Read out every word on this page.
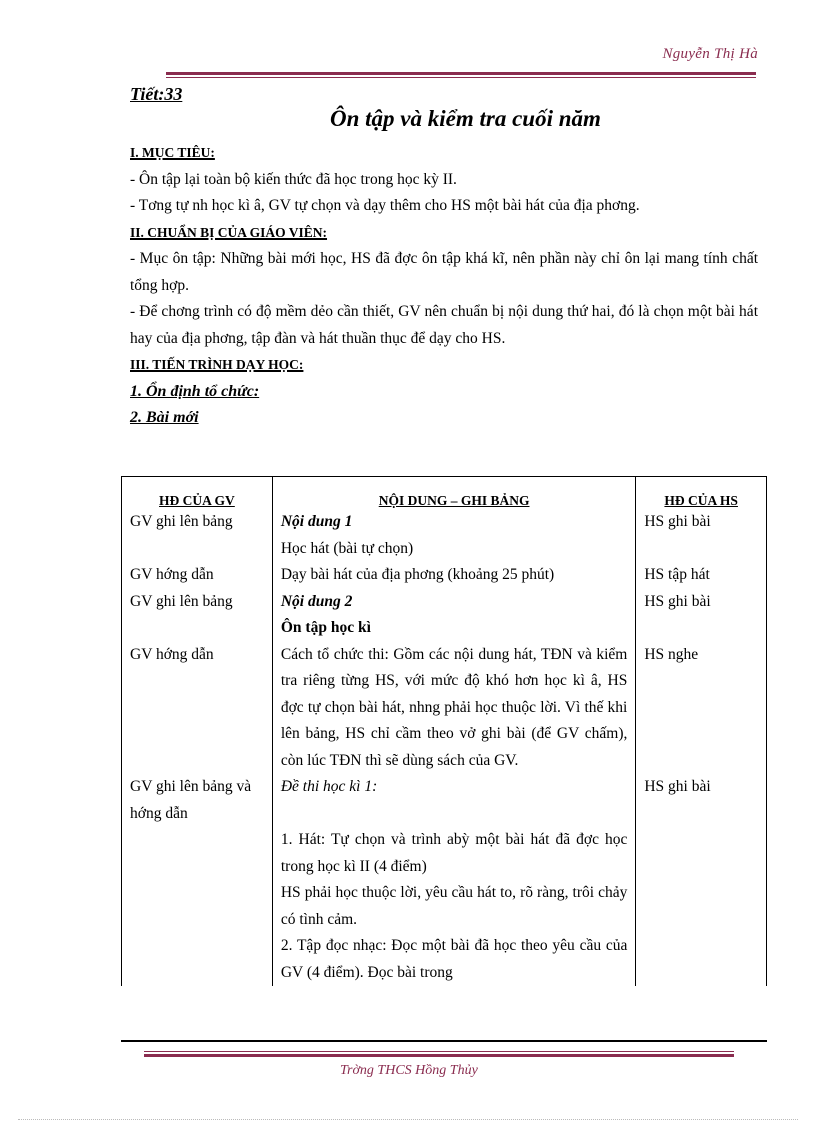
Nguyễn Thị Hà
Tiết:33
Ôn tập và kiểm tra cuối năm
I. MỤC TIÊU:
- Ôn tập lại toàn bộ kiến thức đã học trong học kỳ II.
- Tơng tự nh học kì â, GV tự chọn và dạy thêm cho HS một bài hát của địa phơng.
II. CHUẨN BỊ CỦA GIÁO VIÊN:
- Mục ôn tập: Những bài mới học, HS đã đợc ôn tập khá kĩ, nên phần này chỉ ôn lại mang tính chất tổng hợp.
- Để chơng trình có độ mềm dẻo cần thiết, GV nên chuẩn bị nội dung thứ hai, đó là chọn một bài hát hay của địa phơng, tập đàn và hát thuần thục để dạy cho HS.
III. TIẾN TRÌNH DẠY HỌC:
1. Ổn định tổ chức:
2. Bài mới
HĐ CỦA GV	NỘI DUNG – GHI BẢNG	HĐ CỦA HS
GV ghi lên bảng	Nội dung 1	HS ghi bài
	Học hát (bài tự chọn)	
GV hớng dẫn	Dạy bài hát của địa phơng (khoảng 25 phút)	HS tập hát
GV ghi lên bảng	Nội dung 2	HS ghi bài
	Ôn tập học kì	
GV hớng dẫn	Cách tổ chức thi: Gồm các nội dung hát, TĐN và kiểm tra riêng từng HS, với mức độ khó hơn học kì â, HS đợc tự chọn bài hát, nhng phải học thuộc lời. Vì thế khi lên bảng, HS chỉ cầm theo vở ghi bài (để GV chấm), còn lúc TĐN thì sẽ dùng sách của GV.	HS nghe
GV ghi lên bảng và hớng dẫn	Đề thi học kì 1:	HS ghi bài
	1. Hát: Tự chọn và trình abỳ một bài hát đã đợc học trong học kì II (4 điểm)	
	HS phải học thuộc lời, yêu cầu hát to, rõ ràng, trôi chảy có tình cảm.	
	2. Tập đọc nhạc: Đọc một bài đã học theo yêu cầu của GV (4 điểm). Đọc bài trong	
Trờng THCS Hồng Thủy
